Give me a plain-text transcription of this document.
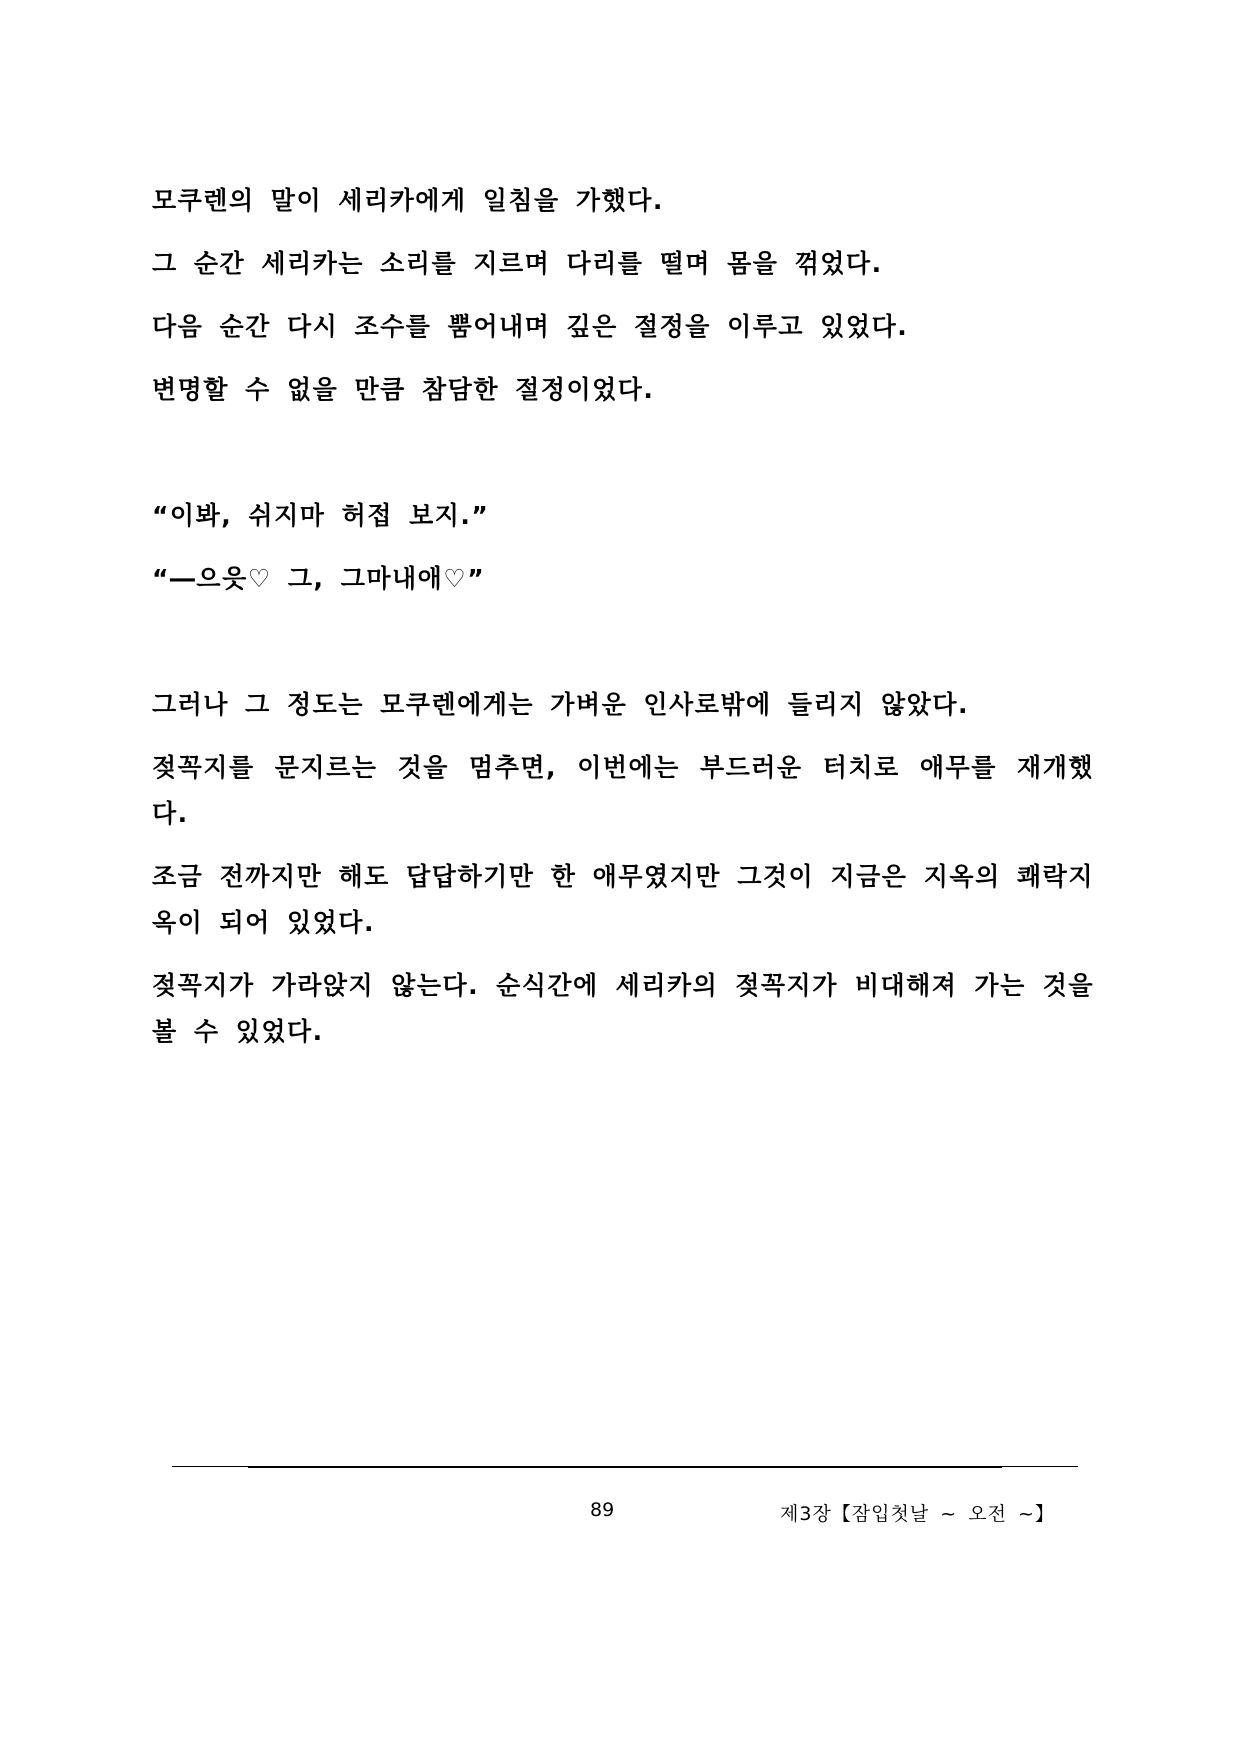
모쿠렌의 말이 세리카에게 일침을 가했다.

그 순간 세리카는 소리를 지르며 다리를 떨며 몸을 꺾었다.

다음 순간 다시 조수를 뿜어내며 깊은 절정을 이루고 있었다.

변명할 수 없을 만큼 참담한 절정이었다.

“이봐, 쉬지마 허접 보지.”

“―으읏♡ 그, 그마내애♡”

그러나 그 정도는 모쿠렌에게는 가벼운 인사로밖에 들리지 않았다.

젖꼭지를 문지르는 것을 멈추면, 이번에는 부드러운 터치로 애무를 재개했다.

조금 전까지만 해도 답답하기만 한 애무였지만 그것이 지금은 지옥의 쾌락지옥이 되어 있었다.

젖꼭지가 가라앉지 않는다. 순식간에 세리카의 젖꼭지가 비대해져 가는 것을 볼 수 있었다.

89	제3장【잠입첫날 ~ 오전 ~】
